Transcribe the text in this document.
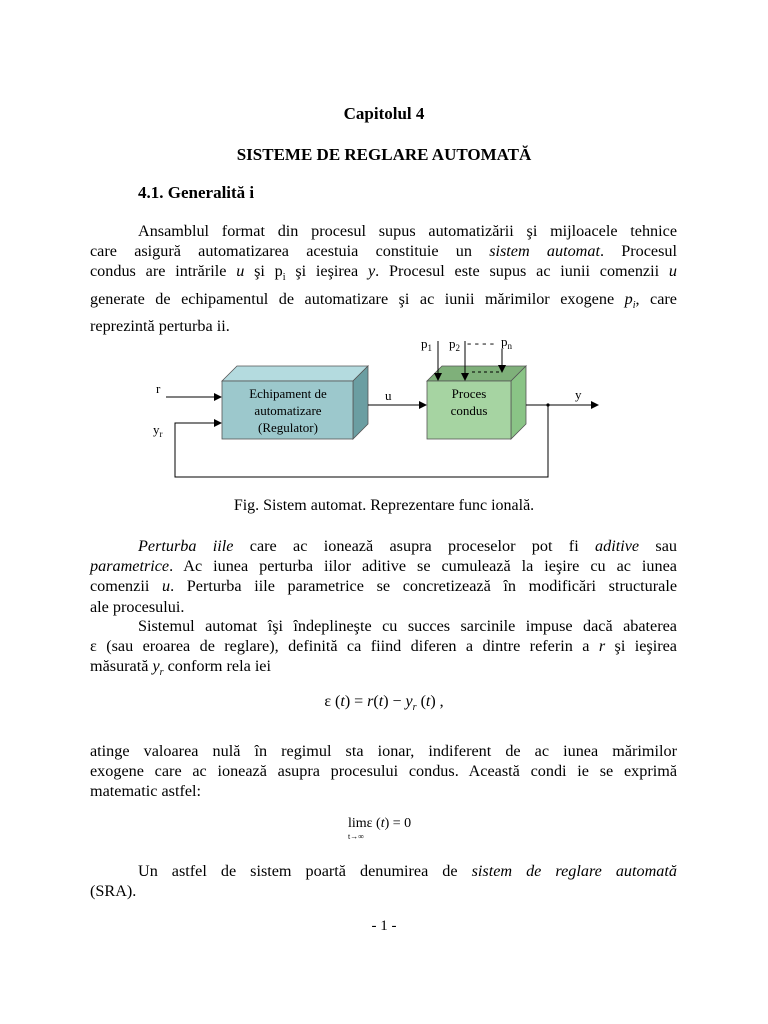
Capitolul 4
SISTEME DE REGLARE AUTOMATĂ
4.1. Generalită i
Ansamblul format din procesul supus automatizării şi mijloacele tehnice
care asigură automatizarea acestuia constituie un sistem automat. Procesul
condus are intrările u şi $p_i$ şi ieşirea y. Procesul este supus ac iunii comenzii u
generate de echipamentul de automatizare şi ac iunii mărimilor exogene $p_i$, care
reprezintă perturba ii.
Echipament de
automatizare
(Regulator)
Proces
condus
r
$y_r$
u	y
$p_1$ $p_2$ - - - - $p_n$
Fig. Sistem automat. Reprezentare func ională.
Perturba iile care ac ionează asupra proceselor pot fi aditive sau
parametrice. Ac iunea perturba iilor aditive se cumulează la ieşire cu ac iunea
comenzii u. Perturba iile parametrice se concretizează în modificări structurale
ale procesului.
Sistemul automat îşi îndeplineşte cu succes sarcinile impuse dacă abaterea
ε (sau eroarea de reglare), definită ca fiind diferen a dintre referin a r şi ieşirea
măsurată $y_r$ conform rela iei
ε $(t) = r(t) - y_r$ (t) ,
atinge valoarea nulă în regimul sta ionar, indiferent de ac iunea mărimilor
exogene care ac ionează asupra procesului condus. Această condi ie se exprimă
matematic astfel:
limε (t) = 0
t→∞
Un astfel de sistem poartă denumirea de sistem de reglare automată
(SRA).
- 1 -
